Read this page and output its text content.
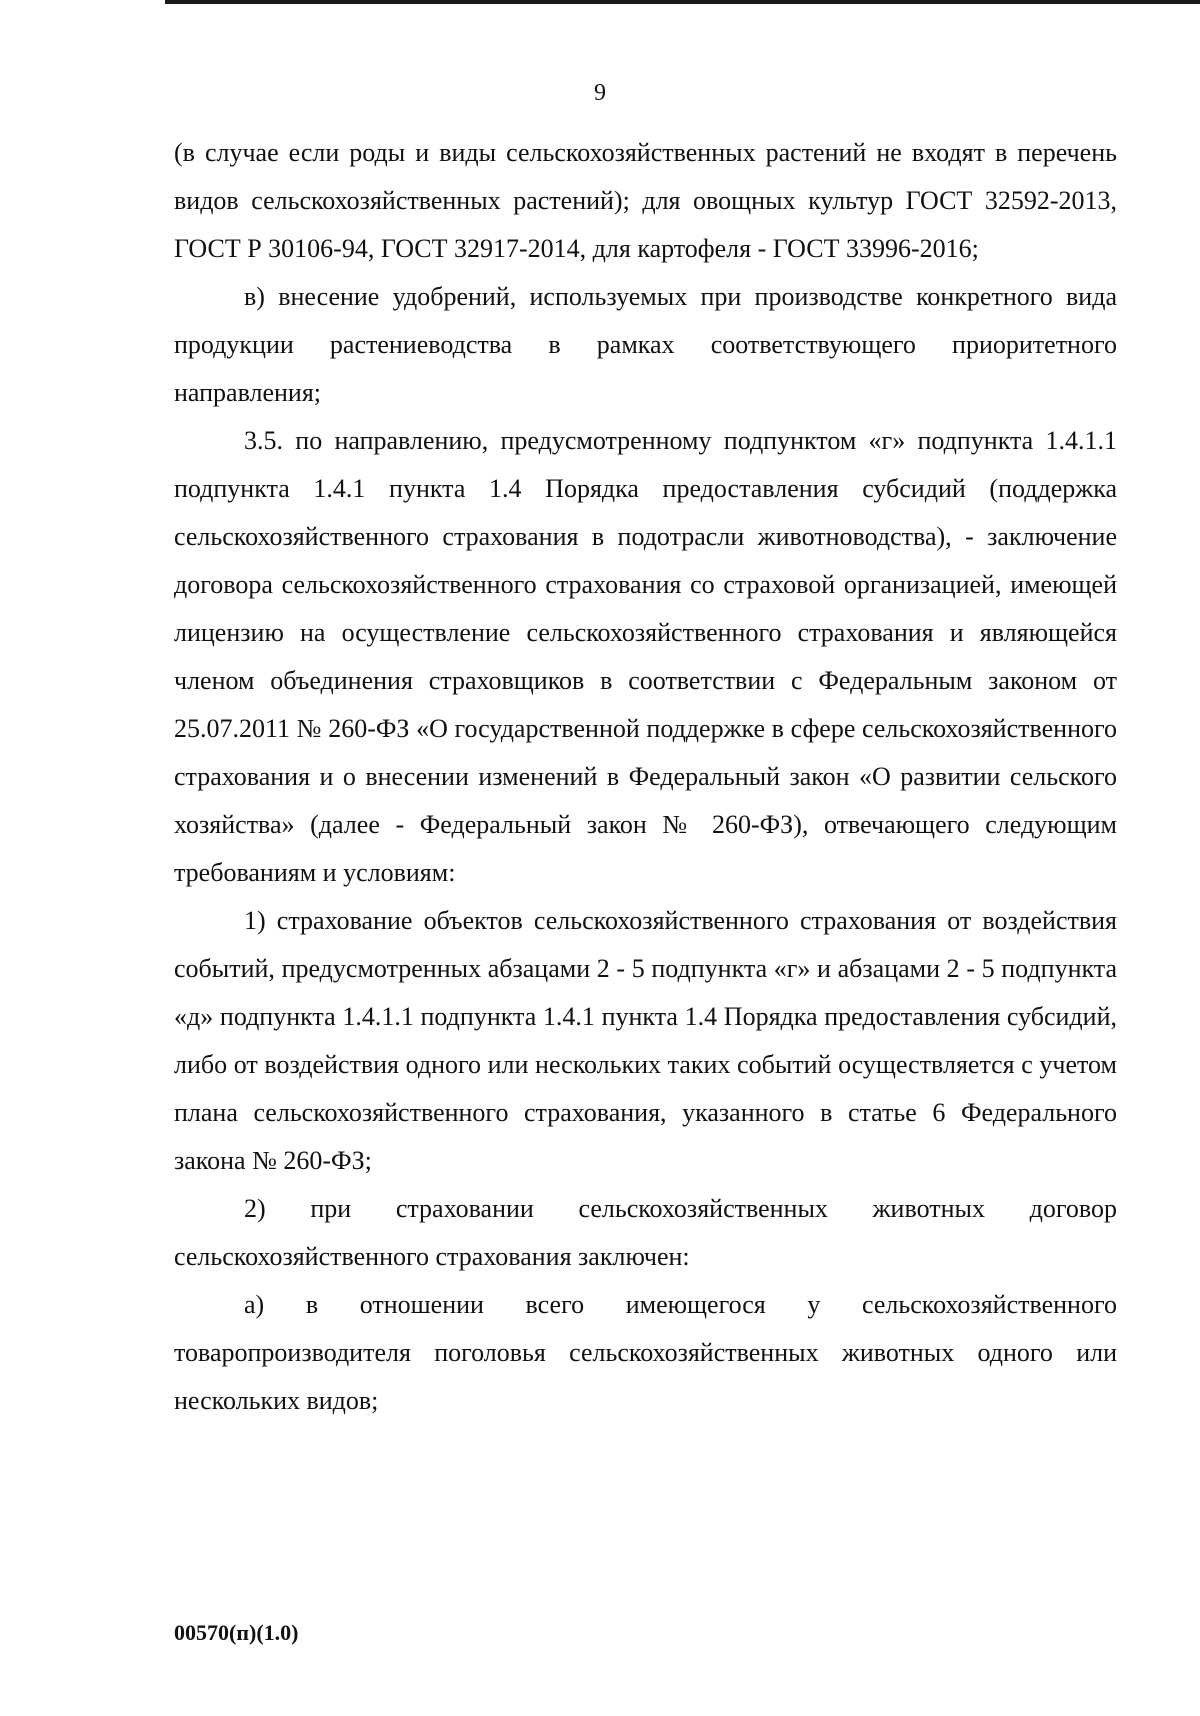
9

(в случае если роды и виды сельскохозяйственных растений не входят в перечень видов сельскохозяйственных растений); для овощных культур ГОСТ 32592-2013, ГОСТ Р 30106-94, ГОСТ 32917-2014, для картофеля - ГОСТ 33996-2016;

в) внесение удобрений, используемых при производстве конкретного вида продукции растениеводства в рамках соответствующего приоритетного направления;

3.5. по направлению, предусмотренному подпунктом «г» подпункта 1.4.1.1 подпункта 1.4.1 пункта 1.4 Порядка предоставления субсидий (поддержка сельскохозяйственного страхования в подотрасли животноводства), - заключение договора сельскохозяйственного страхования со страховой организацией, имеющей лицензию на осуществление сельскохозяйственного страхования и являющейся членом объединения страховщиков в соответствии с Федеральным законом от 25.07.2011 № 260-ФЗ «О государственной поддержке в сфере сельскохозяйственного страхования и о внесении изменений в Федеральный закон «О развитии сельского хозяйства» (далее - Федеральный закон № 260-ФЗ), отвечающего следующим требованиям и условиям:

1) страхование объектов сельскохозяйственного страхования от воздействия событий, предусмотренных абзацами 2 - 5 подпункта «г» и абзацами 2 - 5 подпункта «д» подпункта 1.4.1.1 подпункта 1.4.1 пункта 1.4 Порядка предоставления субсидий, либо от воздействия одного или нескольких таких событий осуществляется с учетом плана сельскохозяйственного страхования, указанного в статье 6 Федерального закона № 260-ФЗ;

2) при страховании сельскохозяйственных животных договор сельскохозяйственного страхования заключен:

а) в отношении всего имеющегося у сельскохозяйственного товаропроизводителя поголовья сельскохозяйственных животных одного или нескольких видов;

00570(п)(1.0)
